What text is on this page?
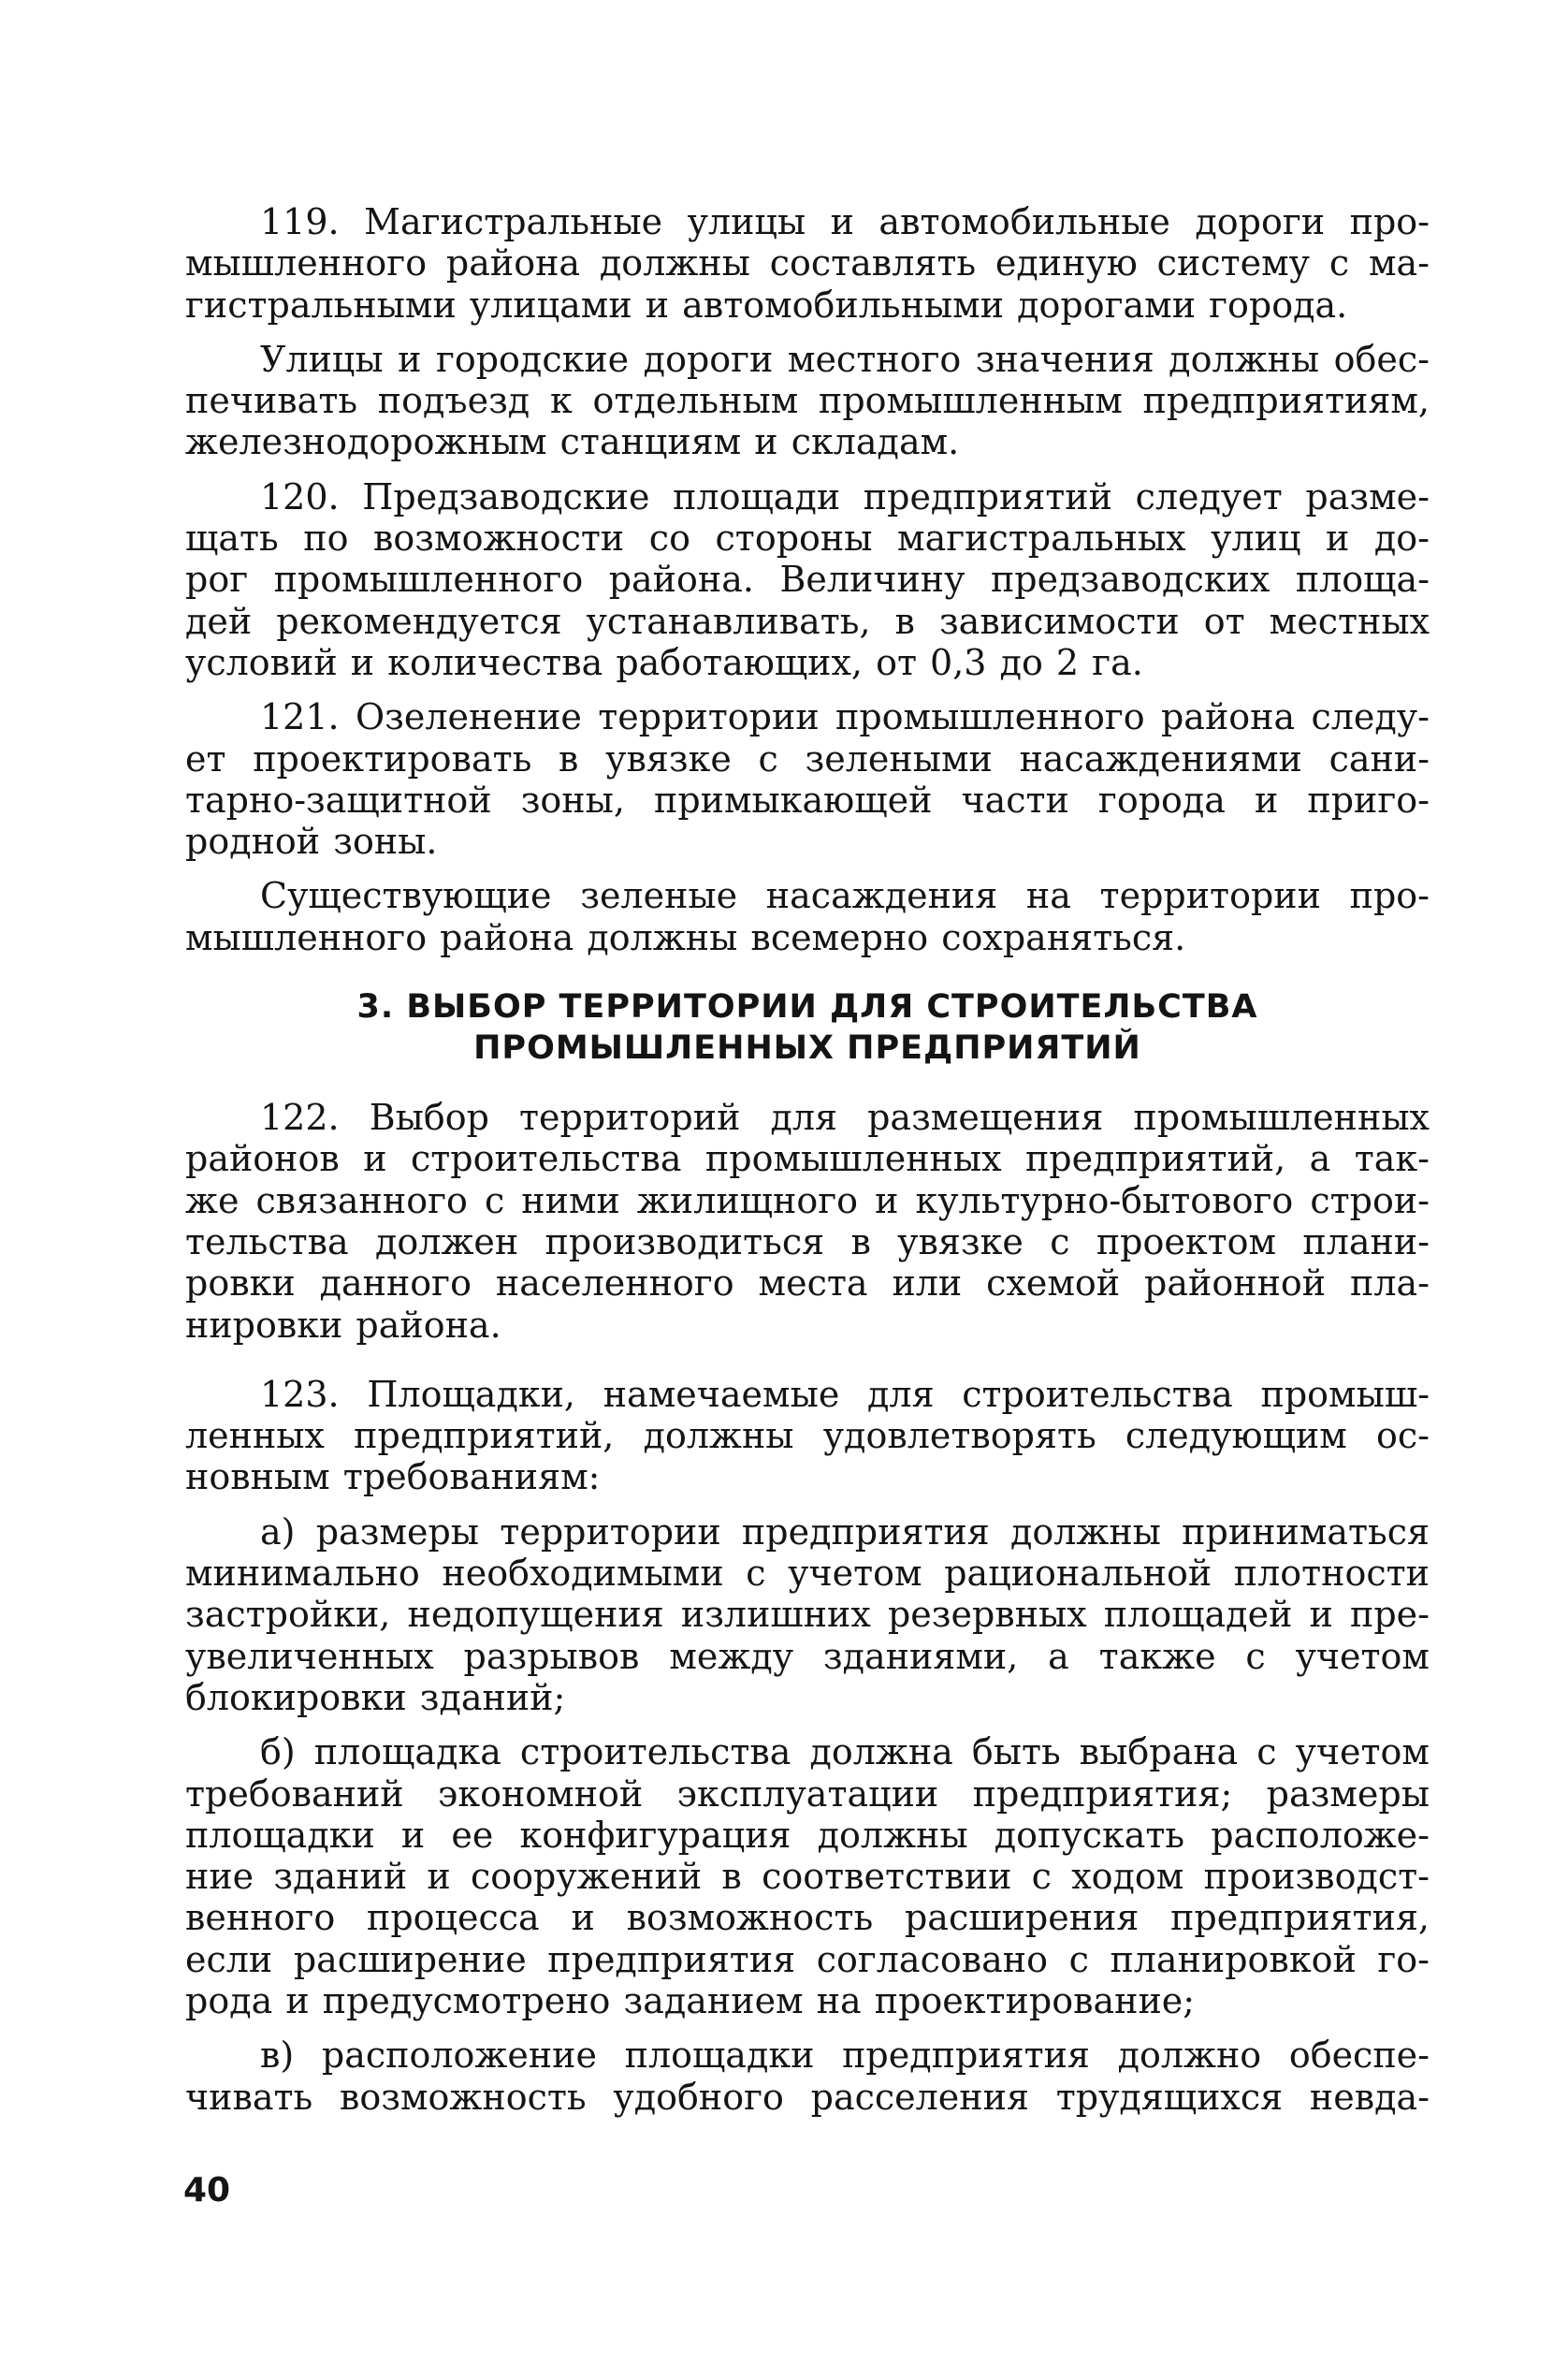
119. Магистральные улицы и автомобильные дороги про-
мышленного района должны составлять единую систему с ма-
гистральными улицами и автомобильными дорогами города.

Улицы и городские дороги местного значения должны обес-
печивать подъезд к отдельным промышленным предприятиям,
железнодорожным станциям и складам.

120. Предзаводские площади предприятий следует разме-
щать по возможности со стороны магистральных улиц и до-
рог промышленного района. Величину предзаводских площа-
дей рекомендуется устанавливать, в зависимости от местных
условий и количества работающих, от 0,3 до 2 га.

121. Озеленение территории промышленного района следу-
ет проектировать в увязке с зелеными насаждениями сани-
тарно-защитной зоны, примыкающей части города и приго-
родной зоны.

Существующие зеленые насаждения на территории про-
мышленного района должны всемерно сохраняться.

3. ВЫБОР ТЕРРИТОРИИ ДЛЯ СТРОИТЕЛЬСТВА
ПРОМЫШЛЕННЫХ ПРЕДПРИЯТИЙ

122. Выбор территорий для размещения промышленных
районов и строительства промышленных предприятий, а так-
же связанного с ними жилищного и культурно-бытового строи-
тельства должен производиться в увязке с проектом плани-
ровки данного населенного места или схемой районной пла-
нировки района.

123. Площадки, намечаемые для строительства промыш-
ленных предприятий, должны удовлетворять следующим ос-
новным требованиям:

а) размеры территории предприятия должны приниматься
минимально необходимыми с учетом рациональной плотности
застройки, недопущения излишних резервных площадей и пре-
увеличенных разрывов между зданиями, а также с учетом
блокировки зданий;

б) площадка строительства должна быть выбрана с учетом
требований экономной эксплуатации предприятия; размеры
площадки и ее конфигурация должны допускать расположе-
ние зданий и сооружений в соответствии с ходом производст-
венного процесса и возможность расширения предприятия,
если расширение предприятия согласовано с планировкой го-
рода и предусмотрено заданием на проектирование;

в) расположение площадки предприятия должно обеспе-
чивать возможность удобного расселения трудящихся невда-

40
